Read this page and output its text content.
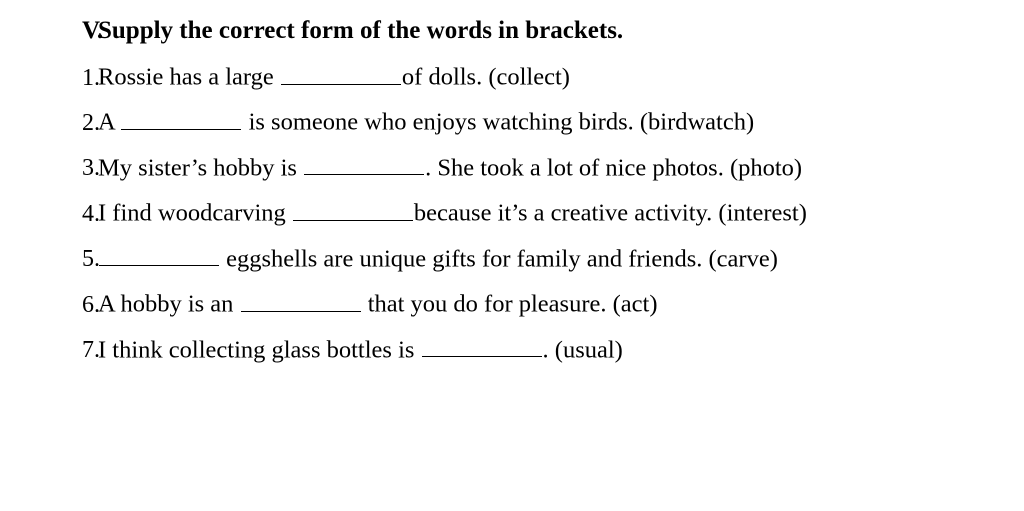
V.
Supply the correct form of the words in brackets.
1.
Rossie has a large	of dolls. (collect)
2.
A	is someone who enjoys watching birds. (birdwatch)
3.
My sister’s hobby is	. She took a lot of nice photos. (photo)
4.
I find woodcarving	because it’s a creative activity. (interest)
5.	eggshells are unique gifts for family and friends. (carve)
6.
A hobby is an	that you do for pleasure. (act)
7.
I think collecting glass bottles is	. (usual)
